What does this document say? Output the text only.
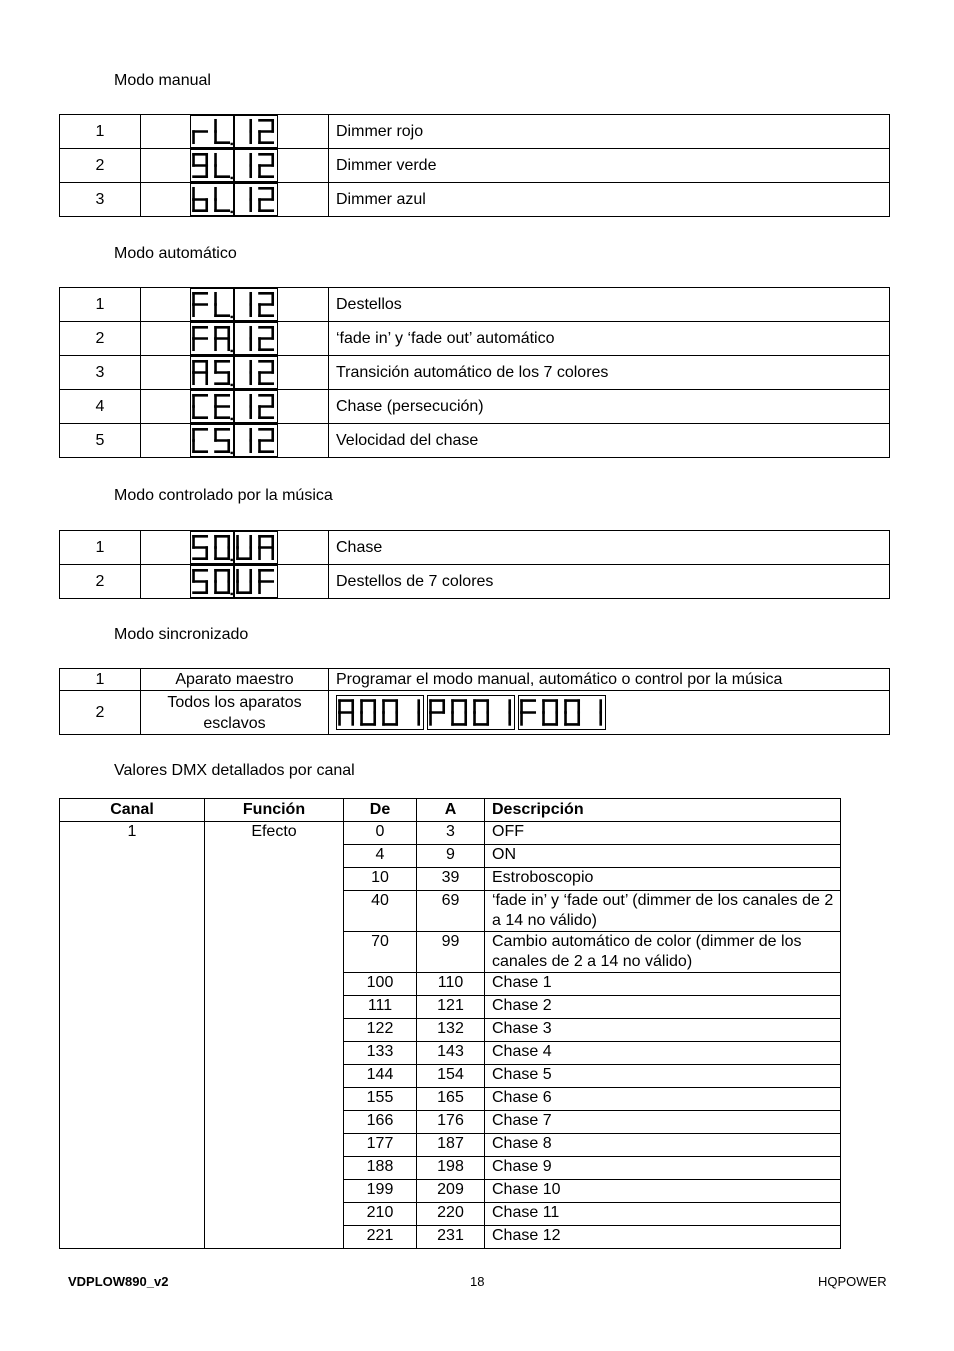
Modo manual
1		Dimmer rojo
2		Dimmer verde
3		Dimmer azul
Modo automático
1		Destellos
2		‘fade in’ y ‘fade out’ automático
3		Transición automático de los 7 colores
4		Chase (persecución)
5		Velocidad del chase
Modo controlado por la música
1		Chase
2		Destellos de 7 colores
Modo sincronizado
1	Aparato maestro	Programar el modo manual, automático o control por la música
2	Todos los aparatos esclavos	
Valores DMX detallados por canal
Canal	Función	De	A	Descripción
1	Efecto	0	3	OFF
		4	9	ON
		10	39	Estroboscopio
		40	69	‘fade in’ y ‘fade out’ (dimmer de los canales de 2 a 14 no válido)
		70	99	Cambio automático de color (dimmer de los canales de 2 a 14 no válido)
		100	110	Chase 1
		111	121	Chase 2
		122	132	Chase 3
		133	143	Chase 4
		144	154	Chase 5
		155	165	Chase 6
		166	176	Chase 7
		177	187	Chase 8
		188	198	Chase 9
		199	209	Chase 10
		210	220	Chase 11
		221	231	Chase 12
VDPLOW890_v2	18	HQPOWER
